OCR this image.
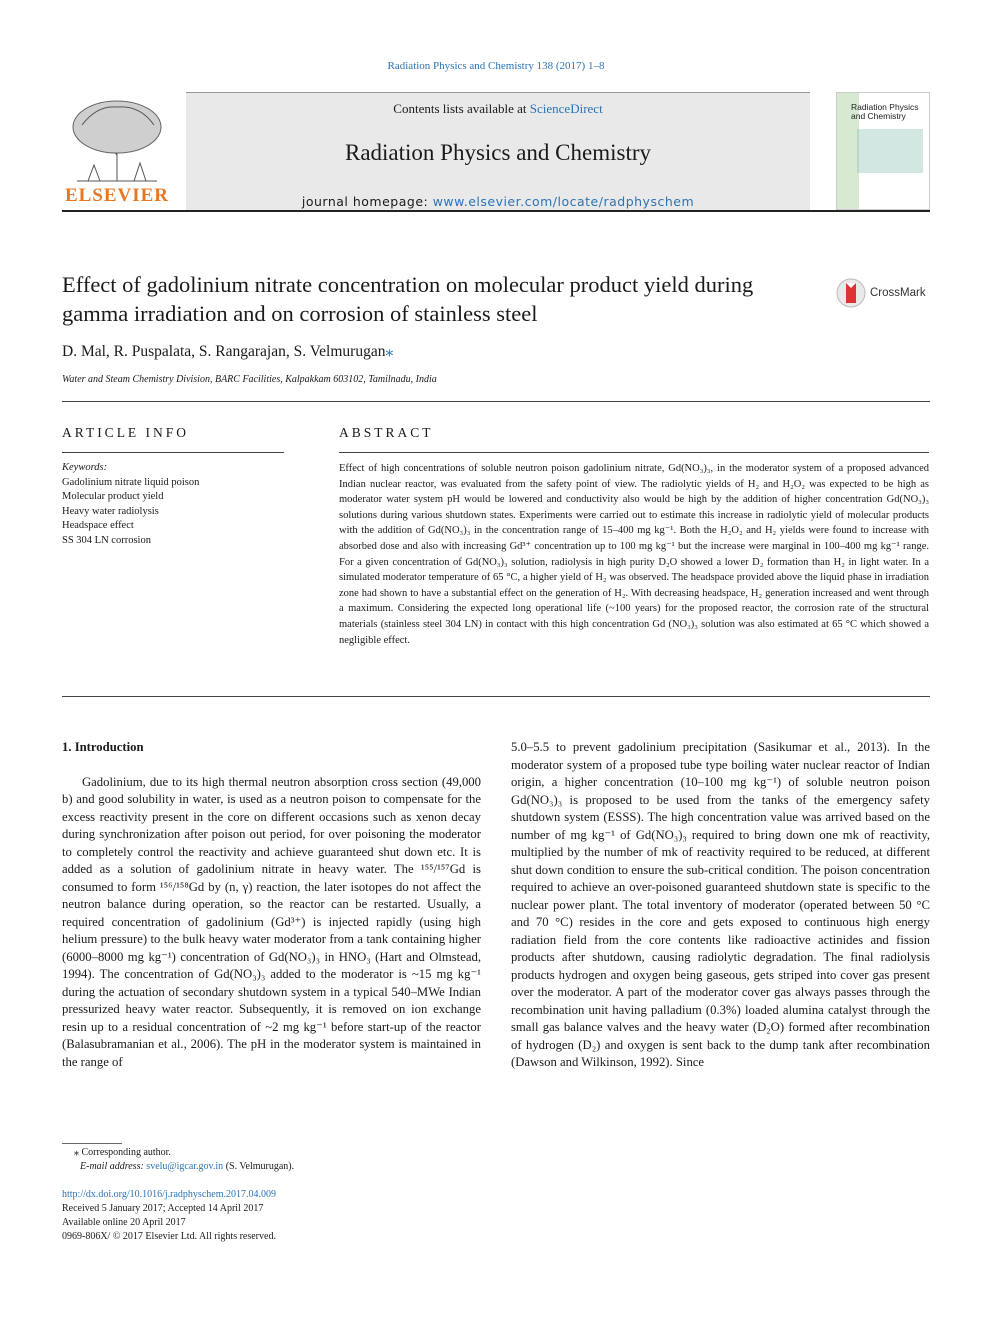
Radiation Physics and Chemistry 138 (2017) 1–8
ELSEVIER
Contents lists available at ScienceDirect
Radiation Physics and Chemistry
journal homepage: www.elsevier.com/locate/radphyschem
Radiation Physics and Chemistry
Effect of gadolinium nitrate concentration on molecular product yield during gamma irradiation and on corrosion of stainless steel
CrossMark
D. Mal, R. Puspalata, S. Rangarajan, S. Velmurugan⁎
Water and Steam Chemistry Division, BARC Facilities, Kalpakkam 603102, Tamilnadu, India
ARTICLE INFO
Keywords:
Gadolinium nitrate liquid poison
Molecular product yield
Heavy water radiolysis
Headspace effect
SS 304 LN corrosion
ABSTRACT
Effect of high concentrations of soluble neutron poison gadolinium nitrate, Gd(NO₃)₃, in the moderator system of a proposed advanced Indian nuclear reactor, was evaluated from the safety point of view. The radiolytic yields of H₂ and H₂O₂ was expected to be high as moderator water system pH would be lowered and conductivity also would be high by the addition of higher concentration Gd(NO₃)₃ solutions during various shutdown states. Experiments were carried out to estimate this increase in radiolytic yield of molecular products with the addition of Gd(NO₃)₃ in the concentration range of 15–400 mg kg⁻¹. Both the H₂O₂ and H₂ yields were found to increase with absorbed dose and also with increasing Gd³⁺ concentration up to 100 mg kg⁻¹ but the increase were marginal in 100–400 mg kg⁻¹ range. For a given concentration of Gd(NO₃)₃ solution, radiolysis in high purity D₂O showed a lower D₂ formation than H₂ in light water. In a simulated moderator temperature of 65 °C, a higher yield of H₂ was observed. The headspace provided above the liquid phase in irradiation zone had shown to have a substantial effect on the generation of H₂. With decreasing headspace, H₂ generation increased and went through a maximum. Considering the expected long operational life (~100 years) for the proposed reactor, the corrosion rate of the structural materials (stainless steel 304 LN) in contact with this high concentration Gd (NO₃)₃ solution was also estimated at 65 °C which showed a negligible effect.
1. Introduction

Gadolinium, due to its high thermal neutron absorption cross section (49,000 b) and good solubility in water, is used as a neutron poison to compensate for the excess reactivity present in the core on different occasions such as xenon decay during synchronization after poison out period, for over poisoning the moderator to completely control the reactivity and achieve guaranteed shut down etc. It is added as a solution of gadolinium nitrate in heavy water. The ¹⁵⁵/¹⁵⁷Gd is consumed to form ¹⁵⁶/¹⁵⁸Gd by (n, γ) reaction, the later isotopes do not affect the neutron balance during operation, so the reactor can be restarted. Usually, a required concentration of gadolinium (Gd³⁺) is injected rapidly (using high helium pressure) to the bulk heavy water moderator from a tank containing higher (6000–8000 mg kg⁻¹) concentration of Gd(NO₃)₃ in HNO₃ (Hart and Olmstead, 1994). The concentration of Gd(NO₃)₃ added to the moderator is ~15 mg kg⁻¹ during the actuation of secondary shutdown system in a typical 540–MWe Indian pressurized heavy water reactor. Subsequently, it is removed on ion exchange resin up to a residual concentration of ~2 mg kg⁻¹ before start-up of the reactor (Balasubramanian et al., 2006). The pH in the moderator system is maintained in the range of

5.0–5.5 to prevent gadolinium precipitation (Sasikumar et al., 2013). In the moderator system of a proposed tube type boiling water nuclear reactor of Indian origin, a higher concentration (10–100 mg kg⁻¹) of soluble neutron poison Gd(NO₃)₃ is proposed to be used from the tanks of the emergency safety shutdown system (ESSS). The high concentration value was arrived based on the number of mg kg⁻¹ of Gd(NO₃)₃ required to bring down one mk of reactivity, multiplied by the number of mk of reactivity required to be reduced, at different shut down condition to ensure the sub-critical condition. The poison concentration required to achieve an over-poisoned guaranteed shutdown state is specific to the nuclear power plant. The total inventory of moderator (operated between 50 °C and 70 °C) resides in the core and gets exposed to continuous high energy radiation field from the core contents like radioactive actinides and fission products after shutdown, causing radiolytic degradation. The final radiolysis products hydrogen and oxygen being gaseous, gets striped into cover gas present over the moderator. A part of the moderator cover gas always passes through the recombination unit having palladium (0.3%) loaded alumina catalyst through the small gas balance valves and the heavy water (D₂O) formed after recombination of hydrogen (D₂) and oxygen is sent back to the dump tank after recombination (Dawson and Wilkinson, 1992). Since

⁎ Corresponding author.
E-mail address: svelu@igcar.gov.in (S. Velmurugan).
http://dx.doi.org/10.1016/j.radphyschem.2017.04.009
Received 5 January 2017; Accepted 14 April 2017
Available online 20 April 2017
0969-806X/ © 2017 Elsevier Ltd. All rights reserved.
